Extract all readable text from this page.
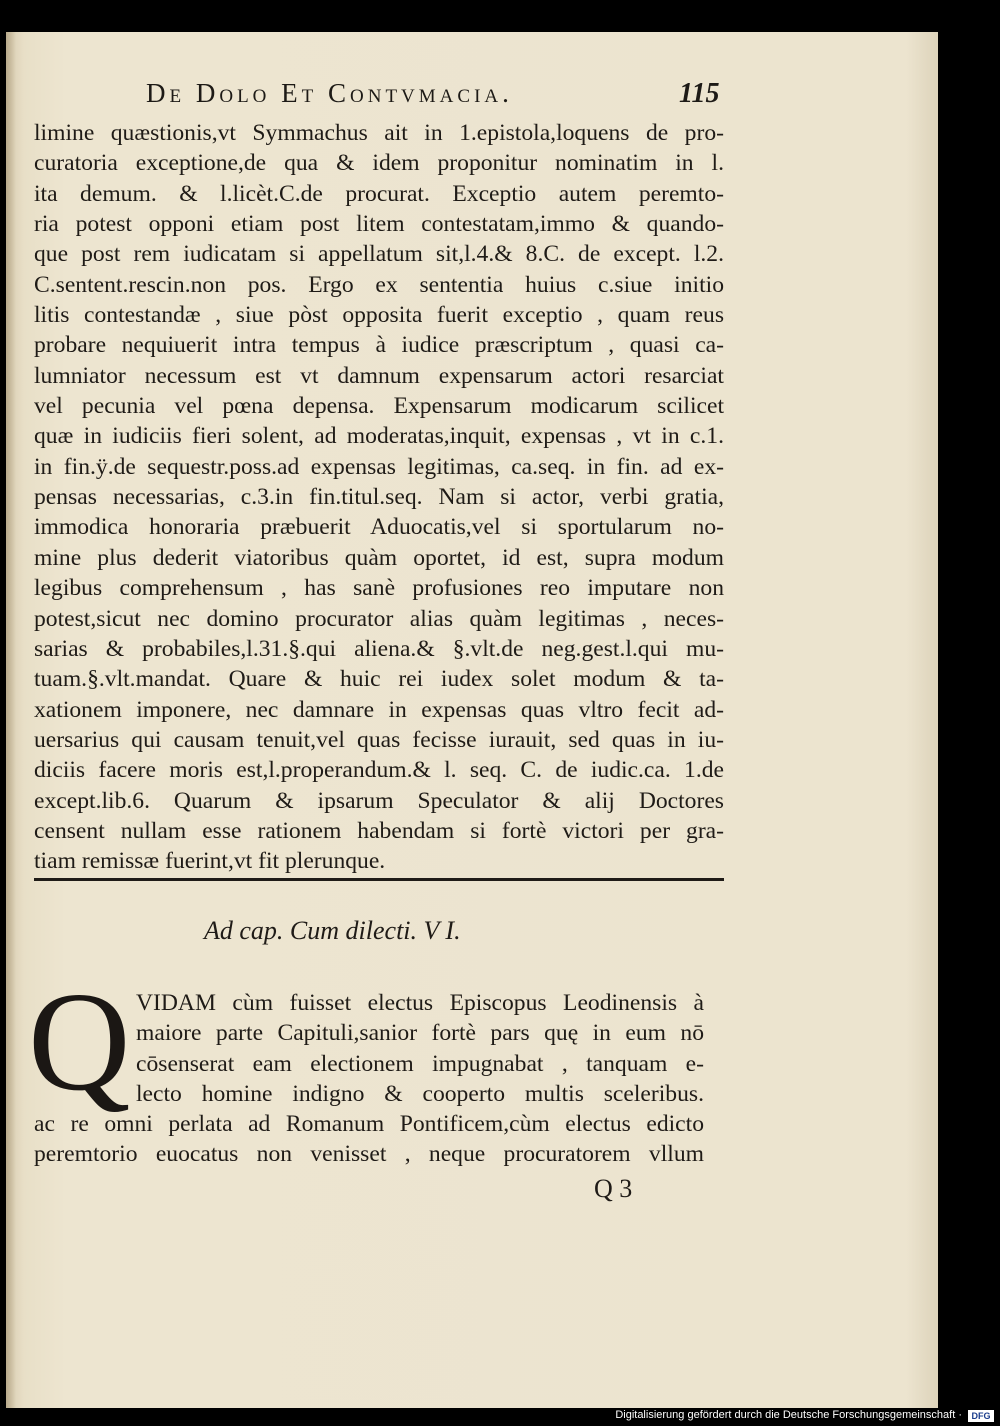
De Dolo Et Contvmacia.	115
limine quæstionis,vt Symmachus ait in 1.epistola,loquens de pro-
curatoria exceptione,de qua & idem proponitur nominatim in l.
ita demum. & l.licèt.C.de procurat. Exceptio autem peremto-
ria potest opponi etiam post litem contestatam,immo & quando-
que post rem iudicatam si appellatum sit,l.4.& 8.C. de except. l.2.
C.sentent.rescin.non pos. Ergo ex sententia huius c.siue initio
litis contestandæ , siue pòst opposita fuerit exceptio , quam reus
probare nequiuerit intra tempus à iudice præscriptum , quasi ca-
lumniator necessum est vt damnum expensarum actori resarciat
vel pecunia vel pœna depensa. Expensarum modicarum scilicet
quæ in iudiciis fieri solent, ad moderatas,inquit, expensas , vt in c.1.
in fin.ÿ.de sequestr.poss.ad expensas legitimas, ca.seq. in fin. ad ex-
pensas necessarias, c.3.in fin.titul.seq. Nam si actor, verbi gratia,
immodica honoraria præbuerit Aduocatis,vel si sportularum no-
mine plus dederit viatoribus quàm oportet, id est, supra modum
legibus comprehensum , has sanè profusiones reo imputare non
potest,sicut nec domino procurator alias quàm legitimas , neces-
sarias & probabiles,l.31.§.qui aliena.& §.vlt.de neg.gest.l.qui mu-
tuam.§.vlt.mandat. Quare & huic rei iudex solet modum & ta-
xationem imponere, nec damnare in expensas quas vltro fecit ad-
uersarius qui causam tenuit,vel quas fecisse iurauit, sed quas in iu-
diciis facere moris est,l.properandum.& l. seq. C. de iudic.ca. 1.de
except.lib.6. Quarum & ipsarum Speculator & alij Doctores
censent nullam esse rationem habendam si fortè victori per gra-
tiam remissæ fuerint,vt fit plerunque.
Ad cap. Cum dilecti. V I.
Q VIDAM cùm fuisset electus Episcopus Leodinensis à
maiore parte Capituli,sanior fortè pars quę in eum nō
cōsenserat eam electionem impugnabat , tanquam e-
lecto homine indigno & cooperto multis sceleribus.
ac re omni perlata ad Romanum Pontificem,cùm electus edicto
peremtorio euocatus non venisset , neque procuratorem vllum
Q 3
Digitalisierung gefördert durch die Deutsche Forschungsgemeinschaft ·	DFG
